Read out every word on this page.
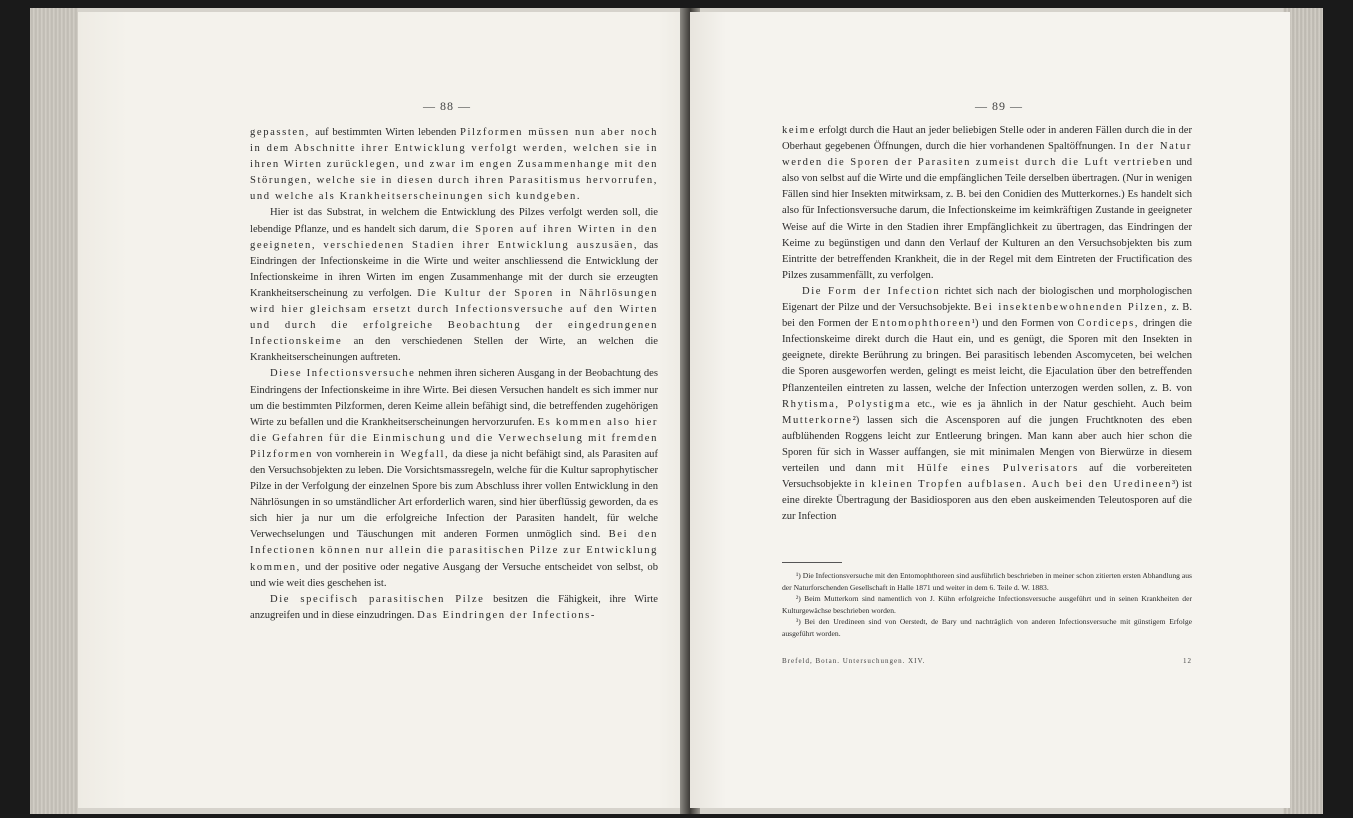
— 88 —

gepassten, auf bestimmten Wirten lebenden Pilzformen müssen nun aber noch in dem Abschnitte ihrer Entwicklung verfolgt werden, welchen sie in ihren Wirten zurücklegen, und zwar im engen Zusammenhange mit den Störungen, welche sie in diesen durch ihren Parasitismus hervorrufen, und welche als Krankheitserscheinungen sich kundgeben.

Hier ist das Substrat, in welchem die Entwicklung des Pilzes verfolgt werden soll, die lebendige Pflanze, und es handelt sich darum, die Sporen auf ihren Wirten in den geeigneten, verschiedenen Stadien ihrer Entwicklung auszusäen, das Eindringen der Infectionskeime in die Wirte und weiter anschliessend die Entwicklung der Infectionskeime in ihren Wirten im engen Zusammenhange mit der durch sie erzeugten Krankheitserscheinung zu verfolgen. Die Kultur der Sporen in Nährlösungen wird hier gleichsam ersetzt durch Infectionsversuche auf den Wirten und durch die erfolgreiche Beobachtung der eingedrungenen Infectionskeime an den verschiedenen Stellen der Wirte, an welchen die Krankheitserscheinungen auftreten.

Diese Infectionsversuche nehmen ihren sicheren Ausgang in der Beobachtung des Eindringens der Infectionskeime in ihre Wirte. Bei diesen Versuchen handelt es sich immer nur um die bestimmten Pilzformen, deren Keime allein befähigt sind, die betreffenden zugehörigen Wirte zu befallen und die Krankheitserscheinungen hervorzurufen. Es kommen also hier die Gefahren für die Einmischung und die Verwechselung mit fremden Pilzformen von vornherein in Wegfall, da diese ja nicht befähigt sind, als Parasiten auf den Versuchsobjekten zu leben. Die Vorsichtsmassregeln, welche für die Kultur saprophytischer Pilze in der Verfolgung der einzelnen Spore bis zum Abschluss ihrer vollen Entwicklung in den Nährlösungen in so umständlicher Art erforderlich waren, sind hier überflüssig geworden, da es sich hier ja nur um die erfolgreiche Infection der Parasiten handelt, für welche Verwechselungen und Täuschungen mit anderen Formen unmöglich sind. Bei den Infectionen können nur allein die parasitischen Pilze zur Entwicklung kommen, und der positive oder negative Ausgang der Versuche entscheidet von selbst, ob und wie weit dies geschehen ist.

Die specifisch parasitischen Pilze besitzen die Fähigkeit, ihre Wirte anzugreifen und in diese einzudringen. Das Eindringen der Infections-

— 89 —

keime erfolgt durch die Haut an jeder beliebigen Stelle oder in anderen Fällen durch die in der Oberhaut gegebenen Öffnungen, durch die hier vorhandenen Spaltöffnungen. In der Natur werden die Sporen der Parasiten zumeist durch die Luft vertrieben und also von selbst auf die Wirte und die empfänglichen Teile derselben übertragen. (Nur in wenigen Fällen sind hier Insekten mitwirksam, z. B. bei den Conidien des Mutterkornes.) Es handelt sich also für Infectionsversuche darum, die Infectionskeime im keimkräftigen Zustande in geeigneter Weise auf die Wirte in den Stadien ihrer Empfänglichkeit zu übertragen, das Eindringen der Keime zu begünstigen und dann den Verlauf der Kulturen an den Versuchsobjekten bis zum Eintritte der betreffenden Krankheit, die in der Regel mit dem Eintreten der Fructification des Pilzes zusammenfällt, zu verfolgen.

Die Form der Infection richtet sich nach der biologischen und morphologischen Eigenart der Pilze und der Versuchsobjekte. Bei insektenbewohnenden Pilzen, z. B. bei den Formen der Entomophthoreen¹) und den Formen von Cordiceps, dringen die Infectionskeime direkt durch die Haut ein, und es genügt, die Sporen mit den Insekten in geeignete, direkte Berührung zu bringen. Bei parasitisch lebenden Ascomyceten, bei welchen die Sporen ausgeworfen werden, gelingt es meist leicht, die Ejaculation über den betreffenden Pflanzenteilen eintreten zu lassen, welche der Infection unterzogen werden sollen, z. B. von Rhytisma, Polystigma etc., wie es ja ähnlich in der Natur geschieht. Auch beim Mutterkorne²) lassen sich die Ascensporen auf die jungen Fruchtknoten des eben aufblühenden Roggens leicht zur Entleerung bringen. Man kann aber auch hier schon die Sporen für sich in Wasser auffangen, sie mit minimalen Mengen von Bierwürze in diesem verteilen und dann mit Hülfe eines Pulverisators auf die vorbereiteten Versuchsobjekte in kleinen Tropfen aufblasen. Auch bei den Uredineen³) ist eine direkte Übertragung der Basidiosporen aus den eben auskeimenden Teleutosporen auf die zur Infection

¹) Die Infectionsversuche mit den Entomophthoreen sind ausführlich beschrieben in meiner schon zitierten ersten Abhandlung aus der Naturforschenden Gesellschaft in Halle 1871 und weiter in dem 6. Teile d. W. 1883.

²) Beim Mutterkorn sind namentlich von J. Kühn erfolgreiche Infectionsversuche ausgeführt und in seinen Krankheiten der Kulturgewächse beschrieben worden.

³) Bei den Uredineen sind von Oerstedt, de Bary und nachträglich von anderen Infectionsversuche mit günstigem Erfolge ausgeführt worden.

Brefeld, Botan. Untersuchungen. XIV.	12
